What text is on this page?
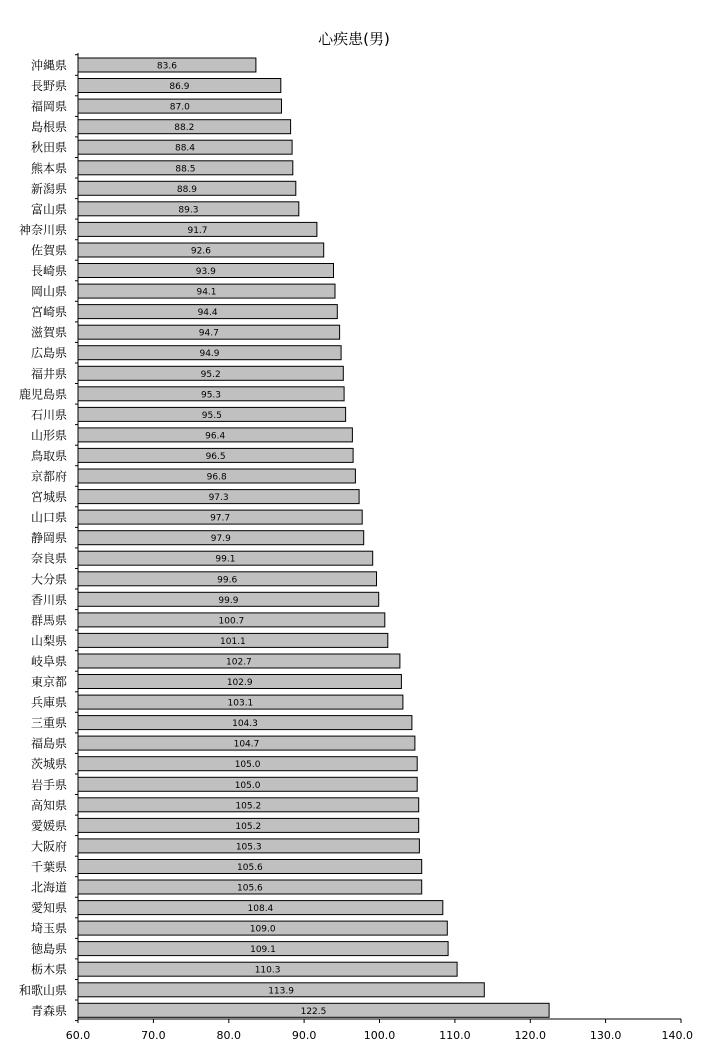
心疾患(男)
83.6
沖縄県
86.9
長野県
87.0
福岡県
88.2
島根県
88.4
秋田県
88.5
熊本県
88.9
新潟県
89.3
富山県
91.7
神奈川県
92.6
佐賀県
93.9
長崎県
94.1
岡山県
94.4
宮崎県
94.7
滋賀県
94.9
広島県
95.2
福井県
95.3
鹿児島県
95.5
石川県
96.4
山形県
96.5
鳥取県
96.8
京都府
97.3
宮城県
97.7
山口県
97.9
静岡県
99.1
奈良県
99.6
大分県
99.9
香川県
100.7
群馬県
101.1
山梨県
102.7
岐阜県
102.9
東京都
103.1
兵庫県
104.3
三重県
104.7
福島県
105.0
茨城県
105.0
岩手県
105.2
高知県
105.2
愛媛県
105.3
大阪府
105.6
千葉県
105.6
北海道
108.4
愛知県
109.0
埼玉県
109.1
徳島県
110.3
栃木県
113.9
和歌山県
122.5
青森県
60.0	70.0	80.0	90.0	100.0	110.0	120.0	130.0	140.0
